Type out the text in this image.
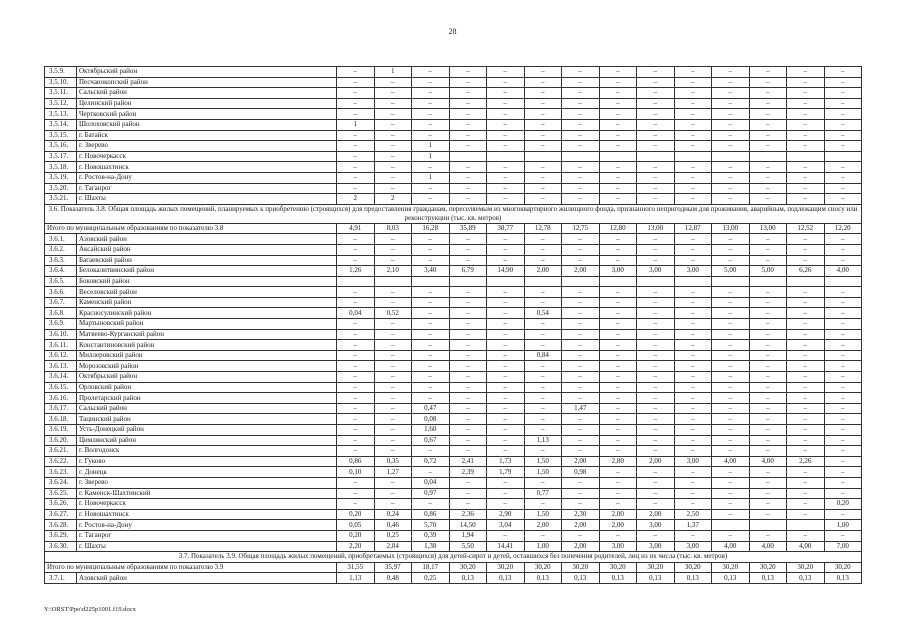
28
3.5.9.	Октябрьский район	–	1	–	–	–	–	–	–	–	–	–	–	–	–
3.5.10.	Песчанокопский район	–	–	–	–	–	–	–	–	–	–	–	–	–	–
3.5.11.	Сальский район	–	–	–	–	–	–	–	–	–	–	–	–	–	–
3.5.12.	Целинский район	–	–	–	–	–	–	–	–	–	–	–	–	–	–
3.5.13.	Чертковский район	–	–	–	–	–	–	–	–	–	–	–	–	–	–
3.5.14.	Шолоховский район	1	–	–	–	–	–	–	–	–	–	–	–	–	–
3.5.15.	г. Батайск	–	–	–	–	–	–	–	–	–	–	–	–	–	–
3.5.16.	г. Зверево	–	–	1	–	–	–	–	–	–	–	–	–	–	–
3.5.17.	г. Новочеркасск	–	–	1											
3.5.18.	г. Новошахтинск	–	–	–	–	–	–	–	–	–	–	–	–	–	–
3.5.19.	г. Ростов-на-Дону	–	–	1	–	–	–	–	–	–	–	–	–	–	–
3.5.20.	г. Таганрог	–	–	–	–	–	–	–	–	–	–	–	–	–	–
3.5.21.	г. Шахты	2	2	–	–	–	–	–	–	–	–	–	–	–	–
3.6. Показатель 3.8. Общая площадь жилых помещений, планируемых к приобретению (строящихся) для предоставления гражданам, переселяемым из многоквартирного жилищного фонда, признанного непригодным для проживания, аварийным, подлежащим сносу или реконструкции (тыс. кв. метров)															
Итого по муниципальным образованиям по показателю 3.8		4,91	8,03	16,28	35,89	38,77	12,78	12,75	12,80	13,00	12,87	13,00	13,00	12,52	12,20
3.6.1.	Азовский район	–	–	–	–	–	–	–	–	–	–	–	–	–	–
3.6.2.	Аксайский район	–	–	–	–	–	–	–	–	–	–	–	–	–	–
3.6.3.	Багаевский район	–	–	–	–	–	–	–	–	–	–	–	–	–	–
3.6.4.	Белокалитвинский район	1,26	2,10	3,40	6,79	14,90	2,00	2,00	3,00	3,00	3,00	5,00	5,00	6,26	4,00
3.6.5.	Боковский район														
3.6.6.	Веселовский район	–	–	–	–	–	–	–	–	–	–	–	–	–	–
3.6.7.	Каменский район	–	–	–	–	–	–	–	–	–	–	–	–	–	–
3.6.8.	Красносулинский район	0,04	0,52	–	–	–	0,54	–	–	–	–	–	–	–	–
3.6.9.	Мартыновский район	–	–	–	–	–	–	–	–	–	–	–	–	–	–
3.6.10.	Матвеево-Курганский район	–	–	–	–	–	–	–	–	–	–	–	–	–	–
3.6.11.	Константиновский район	–	–	–	–	–	–	–	–	–	–	–	–	–	–
3.6.12.	Миллеровский район	–	–	–	–	–	0,84	–	–	–	–	–	–	–	–
3.6.13.	Морозовский район	–	–	–	–	–	–	–	–	–	–	–	–	–	–
3.6.14.	Октябрьский район	–	–	–	–	–	–	–	–	–	–	–	–	–	–
3.6.15.	Орловский район	–	–	–	–	–	–	–	–	–	–	–	–	–	–
3.6.16.	Пролетарский район	–	–	–	–	–	–	–	–	–	–	–	–	–	–
3.6.17.	Сальский район	–	–	0,47	–	–	–	1,47	–	–	–	–	–	–	–
3.6.18.	Тацинский район	–	–	0,08	–	–	–	–	–	–	–	–	–	–	–
3.6.19.	Усть-Донецкий район	–	–	1,60	–	–	–	–	–	–	–	–	–	–	–
3.6.20.	Цимлянский район	–	–	0,67	–	–	1,13	–	–	–	–	–	–	–	–
3.6.21.	г. Волгодонск	–	–	–	–	–	–	–	–	–	–	–	–	–	–
3.6.22.	г. Гуково	0,86	0,35	0,72	2,41	1,73	1,50	2,00	2,80	2,00	3,00	4,00	4,00	2,26	–
3.6.23.	г. Донецк	0,10	1,27	–	2,39	1,79	1,50	0,98	–	–	–	–	–	–	–
3.6.24.	г. Зверево	–	–	0,04	–	–	–	–	–	–	–	–	–	–	–
3.6.25.	г. Каменск-Шахтинский	–	–	0,97	–	–	0,77	–	–	–	–	–	–	–	–
3.6.26.	г. Новочеркасск	–	–	–	–	–	–	–	–	–	–	–	–	–	0,20
3.6.27.	г. Новошахтинск	0,20	0,24	0,86	2,36	2,90	1,50	2,30	2,00	2,00	2,50	–	–	–	–
3.6.28.	г. Ростов-на-Дону	0,05	0,46	5,70	14,50	3,04	2,00	2,00	2,00	3,00	1,37				1,00
3.6.29.	г. Таганрог	0,20	0,25	0,39	1,94	–	–	–	–	–	–	–	–	–	–
3.6.30.	г. Шахты	2,20	2,84	1,38	5,50	14,41	1,00	2,00	3,00	3,00	3,00	4,00	4,00	4,00	7,00
3.7. Показатель 3.9. Общая площадь жилых помещений, приобретаемых (строящихся) для детей-сирот и детей, оставшихся без попечения родителей, лиц из их числа (тыс. кв. метров)															
Итого по муниципальным образованиям по показателю 3.9		31,55	35,97	18,17	30,20	30,20	30,20	30,20	30,20	30,20	30,20	30,20	30,20	30,20	30,20
3.7.1.	Азовский район	1,13	0,48	0,25	0,13	0,13	0,13	0,13	0,13	0,13	0,13	0,13	0,13	0,13	0,13
Y:\ORST\Ppo\d225p1001.f19.docx
